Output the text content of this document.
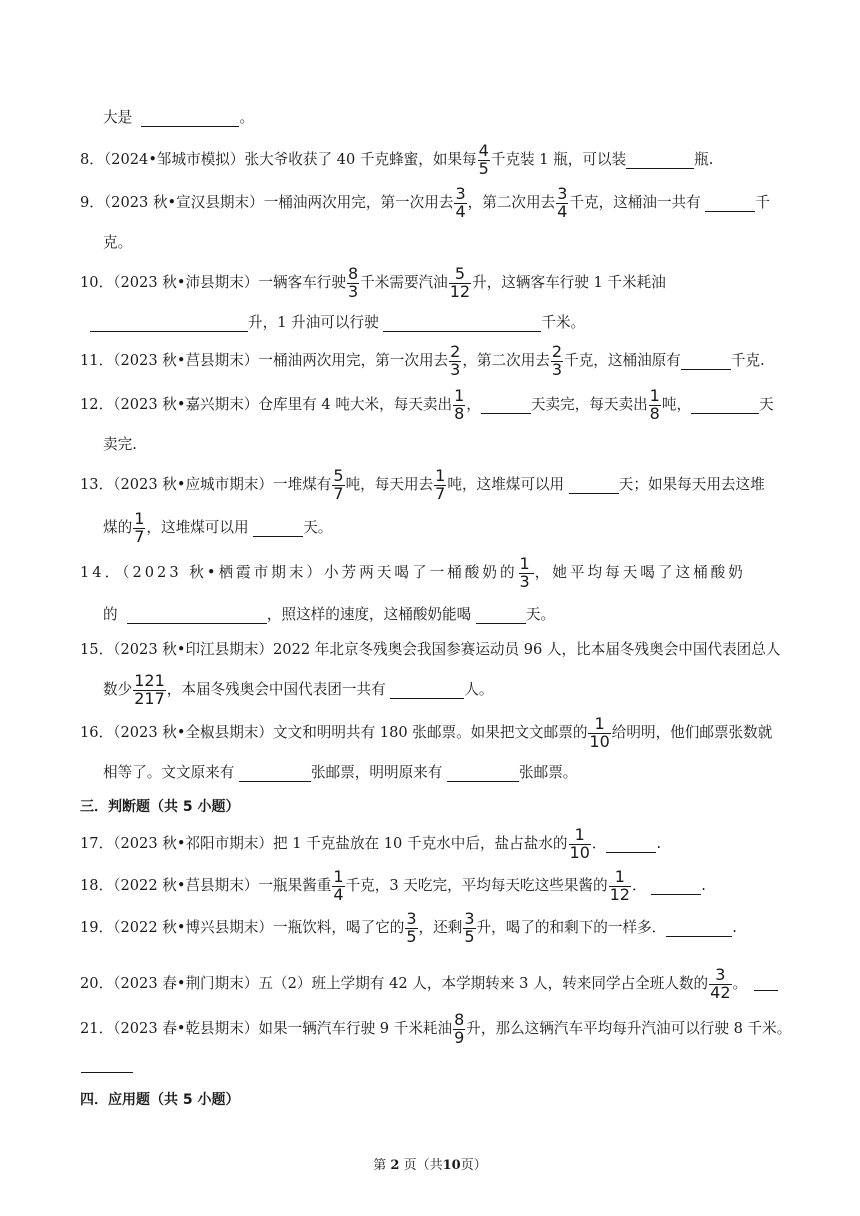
大是
	。
8．（2024•邹城市模拟）张大爷收获了 40 千克蜂蜜，如果每 $\frac{4}{5}$ 千克装 1 瓶，可以装	瓶.
9．（2023 秋•宣汉县期末）一桶油两次用完，第一次用去 $\frac{3}{4}$ ，第二次用去 $\frac{3}{4}$ 千克，这桶油一共有
	千
克。
10．（2023 秋•沛县期末）一辆客车行驶 $\frac{8}{3}$ 千米需要汽油 $\frac{5}{12}$ 升，这辆客车行驶 1 千米耗油
升，1 升油可以行驶
	千米。
11．（2023 秋•莒县期末）一桶油两次用完，第一次用去 $\frac{2}{3}$ ，第二次用去 $\frac{2}{3}$ 千克，这桶油原有	千克.
12．（2023 秋•嘉兴期末）仓库里有 4 吨大米，每天卖出 $\frac{1}{8}$ ，	天卖完，每天卖出 $\frac{1}{8}$ 吨，	天
卖完.
13．（2023 秋•应城市期末）一堆煤有 $\frac{5}{7}$ 吨，每天用去 $\frac{1}{7}$ 吨，这堆煤可以用
	天；如果每天用去这堆
煤的 $\frac{1}{7}$ ，这堆煤可以用
	天。
14．（2023 秋•栖霞市期末）小芳两天喝了一桶酸奶的 $\frac{1}{3}$ ，她平均每天喝了这桶酸奶
的
	，照这样的速度，这桶酸奶能喝
	天。
15．（2023 秋•印江县期末）2022 年北京冬残奥会我国参赛运动员 96 人，比本届冬残奥会中国代表团总人
数少 $\frac{121}{217}$ ，本届冬残奥会中国代表团一共有
	人。
16．（2023 秋•全椒县期末）文文和明明共有 180 张邮票。如果把文文邮票的 $\frac{1}{10}$ 给明明，他们邮票张数就
相等了。文文原来有
	张邮票，明明原来有
	张邮票。
三．判断题（共 5 小题）
17．（2023 秋•祁阳市期末）把 1 千克盐放在 10 千克水中后，盐占盐水的 $\frac{1}{10}$ ．	.
18．（2022 秋•莒县期末）一瓶果酱重 $\frac{1}{4}$ 千克，3 天吃完，平均每天吃这些果酱的 $\frac{1}{12}$ ．
	.
19．（2022 秋•博兴县期末）一瓶饮料，喝了它的 $\frac{3}{5}$ ，还剩 $\frac{3}{5}$ 升，喝了的和剩下的一样多．	.
20．（2023 春•荆门期末）五（2）班上学期有 42 人，本学期转来 3 人，转来同学占全班人数的 $\frac{3}{42}$ 。
21．（2023 春•乾县期末）如果一辆汽车行驶 9 千米耗油 $\frac{8}{9}$ 升，那么这辆汽车平均每升汽油可以行驶 8 千米。
四．应用题（共 5 小题）
第 2 页（共10页）
